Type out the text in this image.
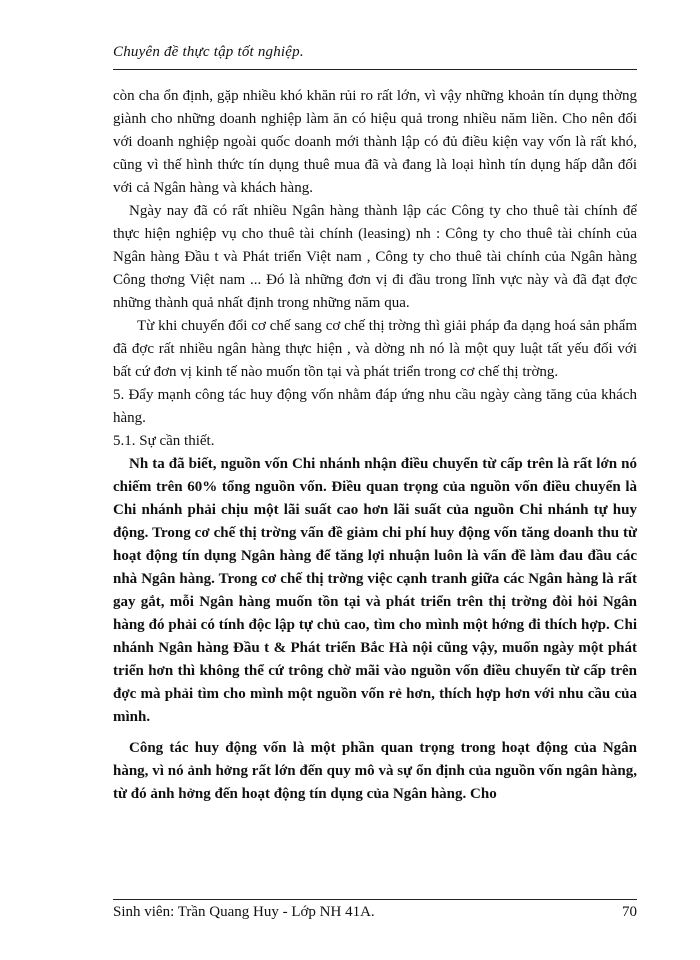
Chuyên đề thực tập tốt nghiệp.

còn cha ổn định, gặp nhiều khó khăn rủi ro rất lớn, vì vậy những khoản tín dụng thờng giành cho những doanh nghiệp làm ăn có hiệu quả trong nhiều năm liền. Cho nên đối với doanh nghiệp ngoài quốc doanh mới thành lập có đủ điều kiện vay vốn là rất khó, cũng vì thế hình thức tín dụng thuê mua đã và đang là loại hình tín dụng hấp dẫn đối với cả Ngân hàng và khách hàng.

Ngày nay đã có rất nhiều Ngân hàng thành lập các Công ty cho thuê tài chính để thực hiện nghiệp vụ cho thuê tài chính (leasing) nh : Công ty cho thuê tài chính của Ngân hàng Đầu t và Phát triển Việt nam , Công ty cho thuê tài chính của Ngân hàng Công thơng Việt nam ... Đó là những đơn vị đi đầu trong lĩnh vực này và đã đạt đợc những thành quả nhất định trong những năm qua.

Từ khi chuyển đổi cơ chế sang cơ chế thị trờng thì giải pháp đa dạng hoá sản phẩm đã đợc rất nhiều ngân hàng thực hiện , và dờng nh nó là một quy luật tất yếu đối với bất cứ đơn vị kinh tế nào muốn tồn tại và phát triển trong cơ chế thị trờng.

5. Đẩy mạnh công tác huy động vốn nhằm đáp ứng nhu cầu ngày càng tăng của khách hàng.

5.1. Sự cần thiết.

Nh ta đã biết, nguồn vốn Chi nhánh nhận điều chuyển từ cấp trên là rất lớn nó chiếm trên 60% tổng nguồn vốn. Điều quan trọng của nguồn vốn điều chuyển là Chi nhánh phải chịu một lãi suất cao hơn lãi suất của nguồn Chi nhánh tự huy động. Trong cơ chế thị trờng vấn đề giảm chi phí huy động vốn tăng doanh thu từ hoạt động tín dụng Ngân hàng để tăng lợi nhuận luôn là vấn đề làm đau đầu các nhà Ngân hàng. Trong cơ chế thị trờng việc cạnh tranh giữa các Ngân hàng là rất gay gắt, mỗi Ngân hàng muốn tồn tại và phát triển trên thị trờng đòi hỏi Ngân hàng đó phải có tính độc lập tự chủ cao, tìm cho mình một hớng đi thích hợp. Chi nhánh Ngân hàng Đầu t & Phát triển Bắc Hà nội cũng vậy, muốn ngày một phát triển hơn thì không thể cứ trông chờ mãi vào nguồn vốn điều chuyển từ cấp trên đợc mà phải tìm cho mình một nguồn vốn rẻ hơn, thích hợp hơn với nhu cầu của mình.

Công tác huy động vốn là một phần quan trọng trong hoạt động của Ngân hàng, vì nó ảnh hởng rất lớn đến quy mô và sự ổn định của nguồn vốn ngân hàng, từ đó ảnh hởng đến hoạt động tín dụng của Ngân hàng. Cho

Sinh viên: Trần Quang Huy - Lớp NH 41A.	70
